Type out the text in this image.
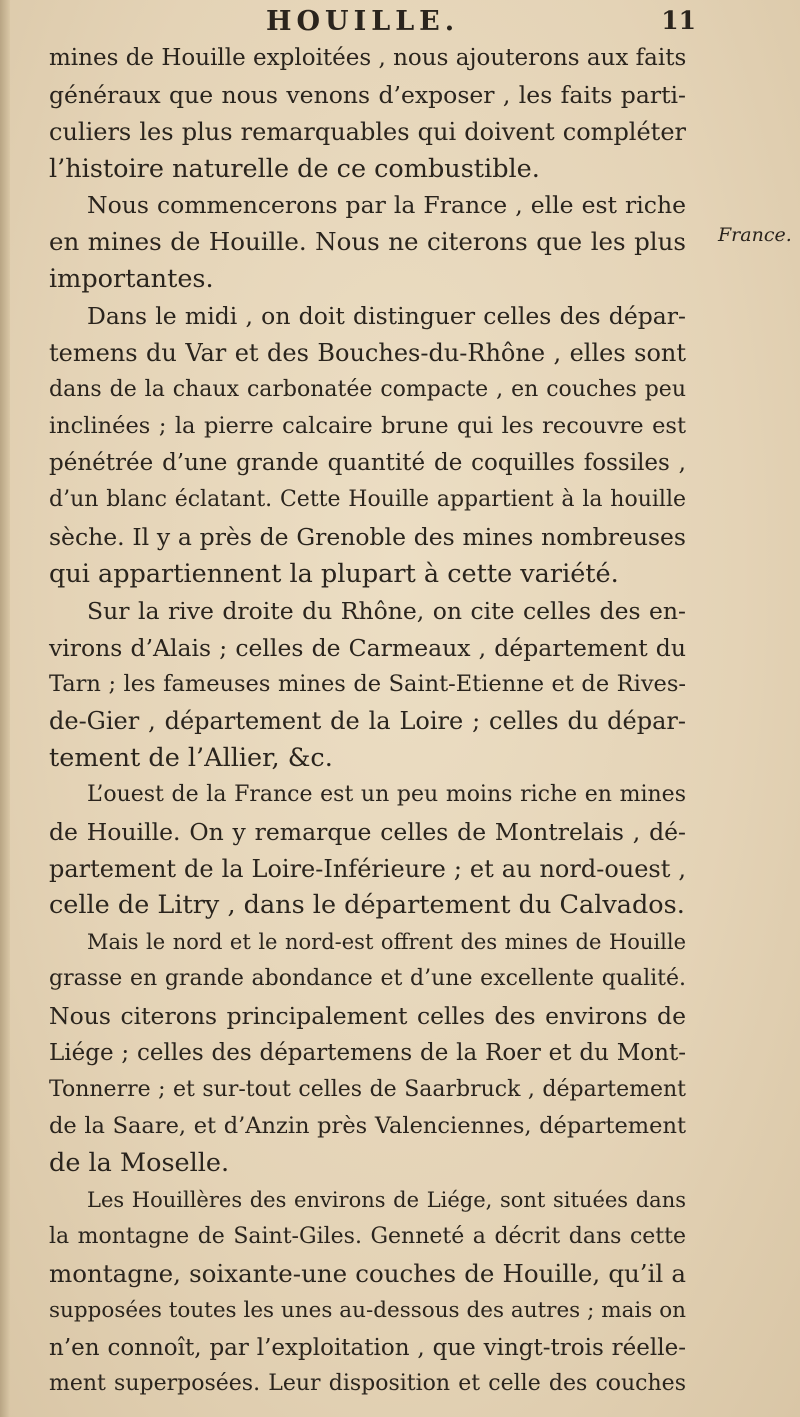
HOUILLE.	11
mines de Houille exploitées , nous ajouterons aux faits
généraux que nous venons d’exposer , les faits parti-
culiers les plus remarquables qui doivent compléter
l’histoire naturelle de ce combustible.
Nous commencerons par la France , elle est riche
en mines de Houille. Nous ne citerons que les plus
importantes.
Dans le midi , on doit distinguer celles des dépar-
temens du Var et des Bouches-du-Rhône , elles sont
dans de la chaux carbonatée compacte , en couches peu
inclinées ; la pierre calcaire brune qui les recouvre est
pénétrée d’une grande quantité de coquilles fossiles ,
d’un blanc éclatant. Cette Houille appartient à la houille
sèche. Il y a près de Grenoble des mines nombreuses
qui appartiennent la plupart à cette variété.
Sur la rive droite du Rhône, on cite celles des en-
virons d’Alais ; celles de Carmeaux , département du
Tarn ; les fameuses mines de Saint-Etienne et de Rives-
de-Gier , département de la Loire ; celles du dépar-
tement de l’Allier, &c.
L’ouest de la France est un peu moins riche en mines
de Houille. On y remarque celles de Montrelais , dé-
partement de la Loire-Inférieure ; et au nord-ouest ,
celle de Litry , dans le département du Calvados.
Mais le nord et le nord-est offrent des mines de Houille
grasse en grande abondance et d’une excellente qualité.
Nous citerons principalement celles des environs de
Liége ; celles des départemens de la Roer et du Mont-
Tonnerre ; et sur-tout celles de Saarbruck , département
de la Saare, et d’Anzin près Valenciennes, département
de la Moselle.
Les Houillères des environs de Liége, sont situées dans
la montagne de Saint-Giles. Genneté a décrit dans cette
montagne, soixante-une couches de Houille, qu’il a
supposées toutes les unes au-dessous des autres ; mais on
n’en connoît, par l’exploitation , que vingt-trois réelle-
ment superposées. Leur disposition et celle des couches
France.
